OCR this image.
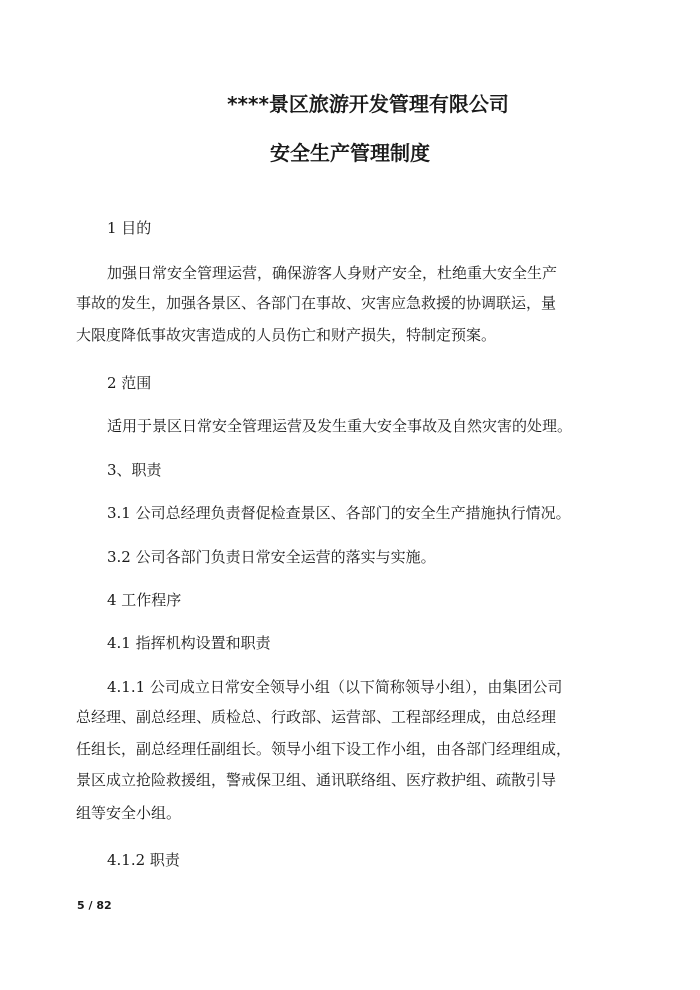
****景区旅游开发管理有限公司
安全生产管理制度
1 目的
加强日常安全管理运营，确保游客人身财产安全，杜绝重大安全生产
事故的发生，加强各景区、各部门在事故、灾害应急救援的协调联运，量
大限度降低事故灾害造成的人员伤亡和财产损失，特制定预案。
2 范围
适用于景区日常安全管理运营及发生重大安全事故及自然灾害的处理。
3、职责
3.1 公司总经理负责督促检查景区、各部门的安全生产措施执行情况。
3.2 公司各部门负责日常安全运营的落实与实施。
4 工作程序
4.1 指挥机构设置和职责
4.1.1 公司成立日常安全领导小组（以下简称领导小组），由集团公司
总经理、副总经理、质检总、行政部、运营部、工程部经理成，由总经理
任组长，副总经理任副组长。领导小组下设工作小组，由各部门经理组成，
景区成立抢险救援组，警戒保卫组、通讯联络组、医疗救护组、疏散引导
组等安全小组。
4.1.2 职责
5 / 82
